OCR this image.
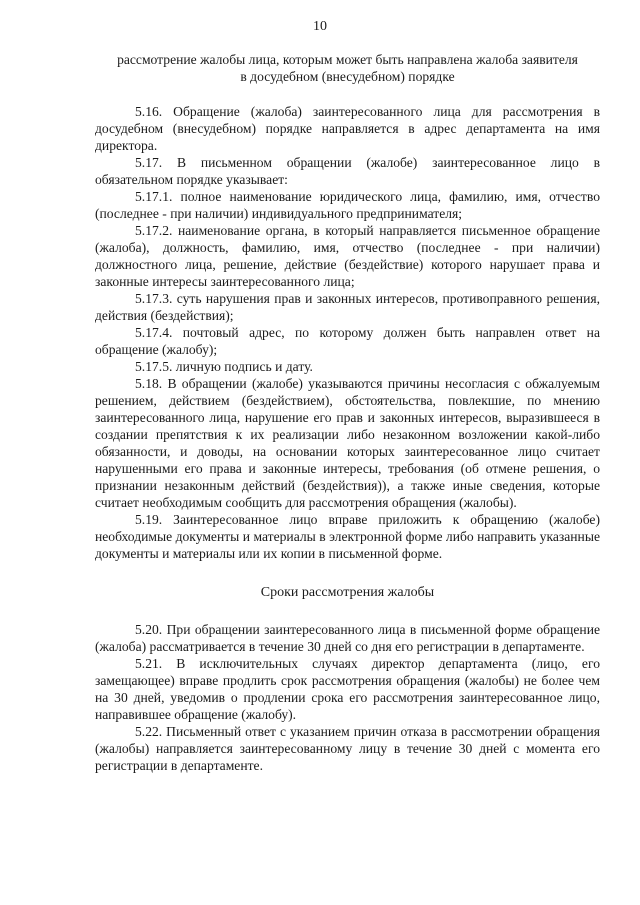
10

рассмотрение жалобы лица, которым может быть направлена жалоба заявителя

в досудебном (внесудебном) порядке

5.16. Обращение (жалоба) заинтересованного лица для рассмотрения в досудебном (внесудебном) порядке направляется в адрес департамента на имя директора.

5.17. В письменном обращении (жалобе) заинтересованное лицо в обязательном порядке указывает:

5.17.1. полное наименование юридического лица, фамилию, имя, отчество (последнее - при наличии) индивидуального предпринимателя;

5.17.2. наименование органа, в который направляется письменное обращение (жалоба), должность, фамилию, имя, отчество (последнее - при наличии) должностного лица, решение, действие (бездействие) которого нарушает права и законные интересы заинтересованного лица;

5.17.3. суть нарушения прав и законных интересов, противоправного решения, действия (бездействия);

5.17.4. почтовый адрес, по которому должен быть направлен ответ на обращение (жалобу);

5.17.5. личную подпись и дату.

5.18. В обращении (жалобе) указываются причины несогласия с обжалуемым решением, действием (бездействием), обстоятельства, повлекшие, по мнению заинтересованного лица, нарушение его прав и законных интересов, выразившееся в создании препятствия к их реализации либо незаконном возложении какой-либо обязанности, и доводы, на основании которых заинтересованное лицо считает нарушенными его права и законные интересы, требования (об отмене решения, о признании незаконным действий (бездействия)), а также иные сведения, которые считает необходимым сообщить для рассмотрения обращения (жалобы).

5.19. Заинтересованное лицо вправе приложить к обращению (жалобе) необходимые документы и материалы в электронной форме либо направить указанные документы и материалы или их копии в письменной форме.

Сроки рассмотрения жалобы

5.20. При обращении заинтересованного лица в письменной форме обращение (жалоба) рассматривается в течение 30 дней со дня его регистрации в департаменте.

5.21. В исключительных случаях директор департамента (лицо, его замещающее) вправе продлить срок рассмотрения обращения (жалобы) не более чем на 30 дней, уведомив о продлении срока его рассмотрения заинтересованное лицо, направившее обращение (жалобу).

5.22. Письменный ответ с указанием причин отказа в рассмотрении обращения (жалобы) направляется заинтересованному лицу в течение 30 дней с момента его регистрации в департаменте.
